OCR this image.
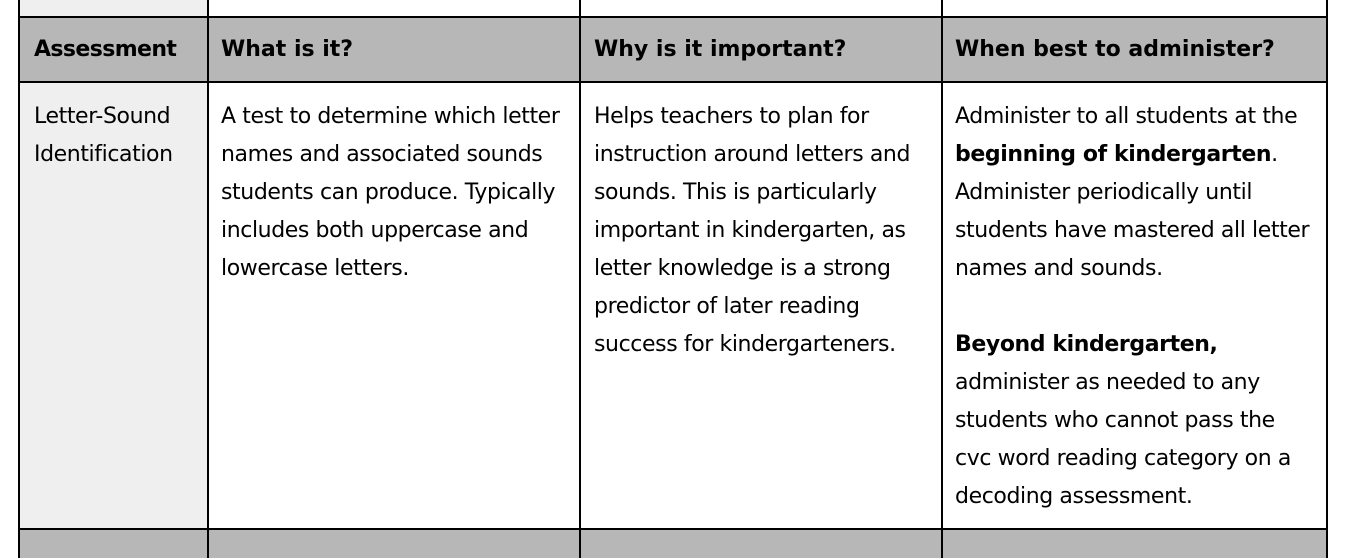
Assessment What is it?	Why is it important?	When best to administer?
Letter-Sound
Identification
A test to determine which letter
names and associated sounds
students can produce. Typically
includes both uppercase and
lowercase letters.
Helps teachers to plan for
instruction around letters and
sounds. This is particularly
important in kindergarten, as
letter knowledge is a strong
predictor of later reading
success for kindergarteners.
Administer to all students at the
beginning of kindergarten.
Administer periodically until
students have mastered all letter
names and sounds.
Beyond kindergarten,
administer as needed to any
students who cannot pass the
cvc word reading category on a
decoding assessment.
